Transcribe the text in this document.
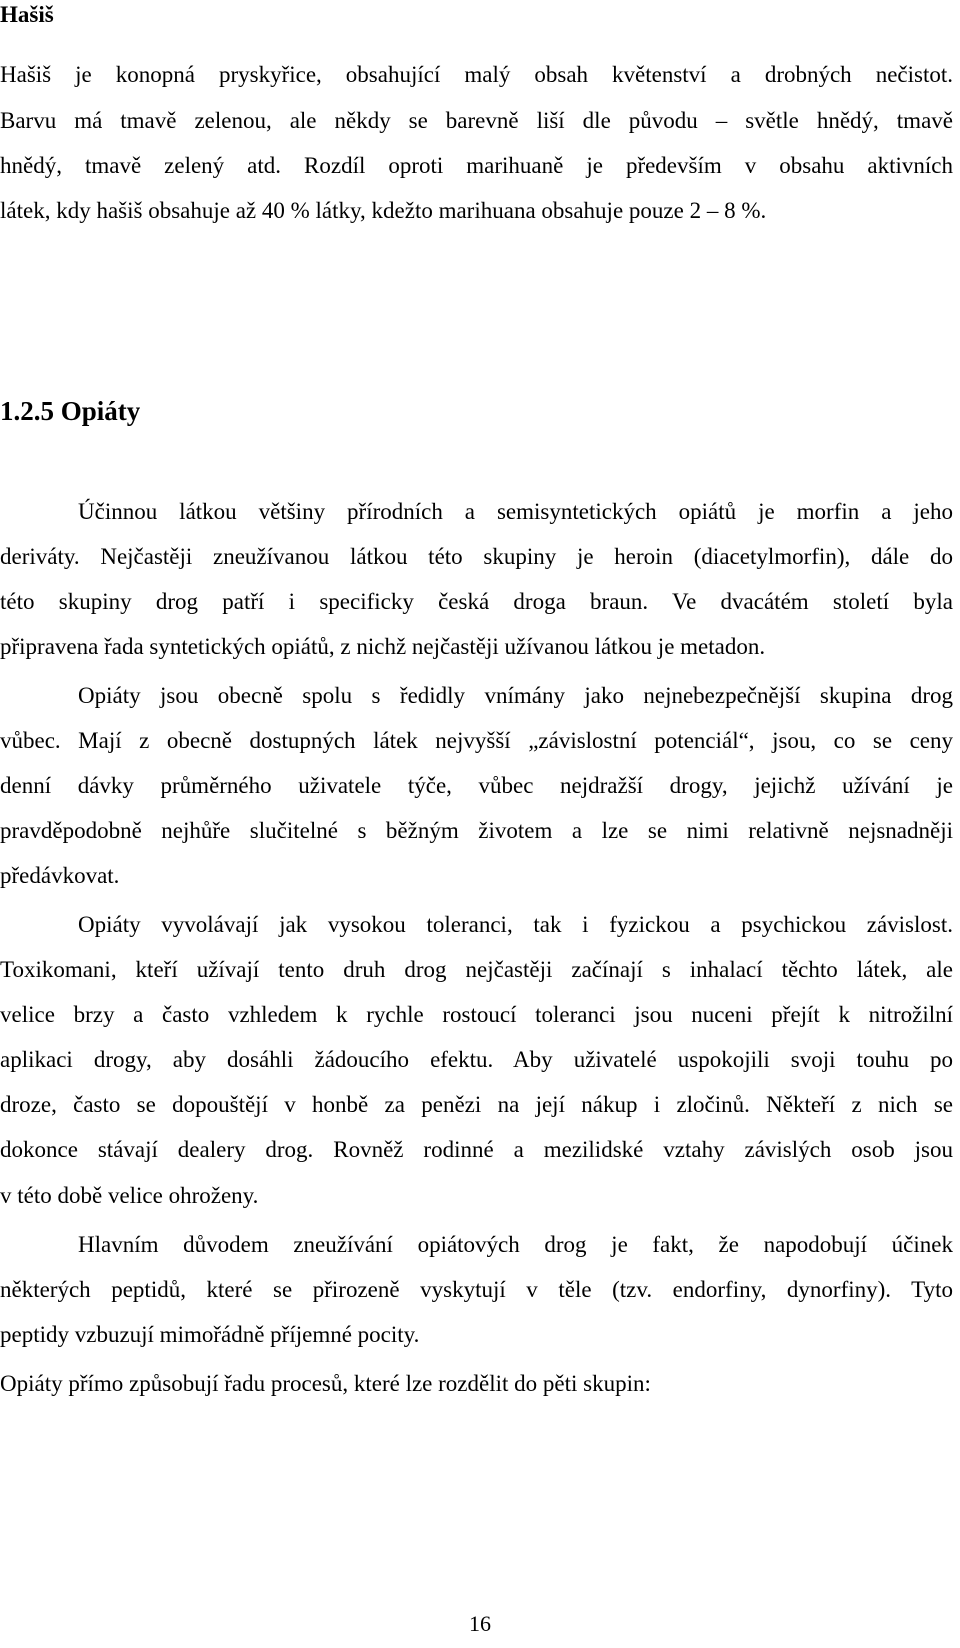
Hašiš
Hašiš je konopná pryskyřice, obsahující malý obsah květenství a drobných nečistot.
Barvu má tmavě zelenou, ale někdy se barevně liší dle původu – světle hnědý, tmavě
hnědý, tmavě zelený atd. Rozdíl oproti marihuaně je především v obsahu aktivních
látek, kdy hašiš obsahuje až 40 % látky, kdežto marihuana obsahuje pouze 2 – 8 %.
1.2.5 Opiáty
Účinnou látkou většiny přírodních a semisyntetických opiátů je morfin a jeho
deriváty. Nejčastěji zneužívanou látkou této skupiny je heroin (diacetylmorfin), dále do
této skupiny drog patří i specificky česká droga braun. Ve dvacátém století byla
připravena řada syntetických opiátů, z nichž nejčastěji užívanou látkou je metadon.
Opiáty jsou obecně spolu s ředidly vnímány jako nejnebezpečnější skupina drog
vůbec. Mají z obecně dostupných látek nejvyšší „závislostní potenciál“, jsou, co se ceny
denní dávky průměrného uživatele týče, vůbec nejdražší drogy, jejichž užívání je
pravděpodobně nejhůře slučitelné s běžným životem a lze se nimi relativně nejsnadněji
předávkovat.
Opiáty vyvolávají jak vysokou toleranci, tak i fyzickou a psychickou závislost.
Toxikomani, kteří užívají tento druh drog nejčastěji začínají s inhalací těchto látek, ale
velice brzy a často vzhledem k rychle rostoucí toleranci jsou nuceni přejít k nitrožilní
aplikaci drogy, aby dosáhli žádoucího efektu. Aby uživatelé uspokojili svoji touhu po
droze, často se dopouštějí v honbě za penězi na její nákup i zločinů. Někteří z nich se
dokonce stávají dealery drog. Rovněž rodinné a mezilidské vztahy závislých osob jsou
v této době velice ohroženy.
Hlavním důvodem zneužívání opiátových drog je fakt, že napodobují účinek
některých peptidů, které se přirozeně vyskytují v těle (tzv. endorfiny, dynorfiny). Tyto
peptidy vzbuzují mimořádně příjemné pocity.
Opiáty přímo způsobují řadu procesů, které lze rozdělit do pěti skupin:
16
